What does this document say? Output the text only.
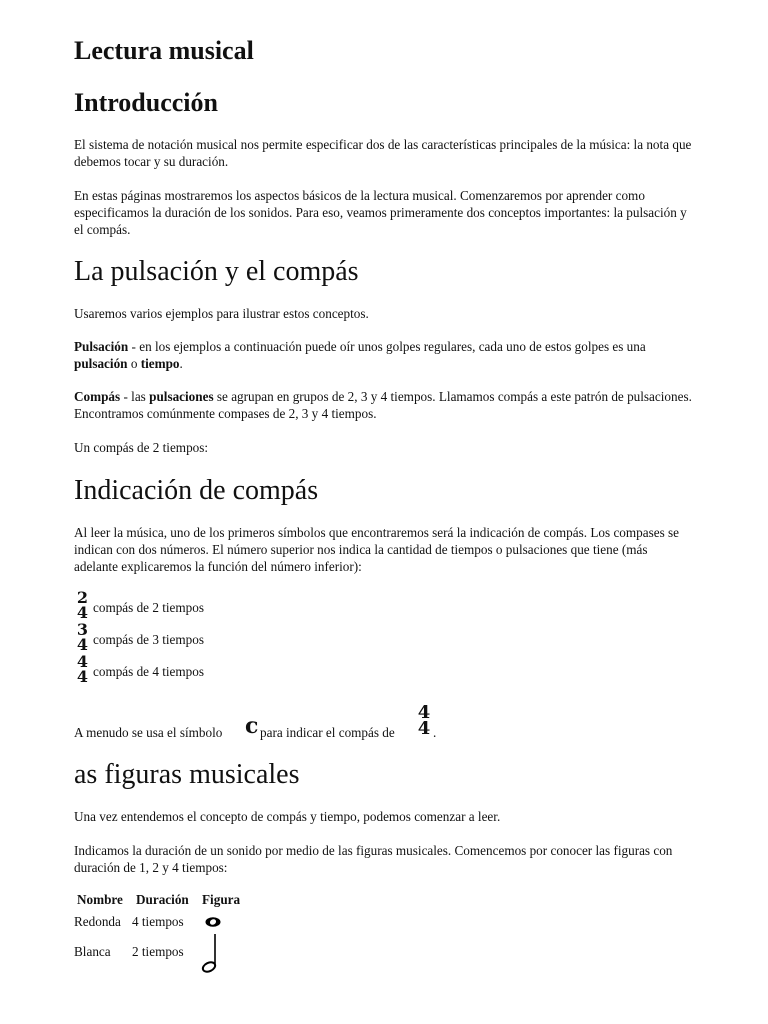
Lectura musical
Introducción

El sistema de notación musical nos permite especificar dos de las características principales de la música: la nota que debemos tocar y su duración.

En estas páginas mostraremos los aspectos básicos de la lectura musical. Comenzaremos por aprender como especificamos la duración de los sonidos. Para eso, veamos primeramente dos conceptos importantes: la pulsación y el compás.

La pulsación y el compás

Usaremos varios ejemplos para ilustrar estos conceptos.

Pulsación - en los ejemplos a continuación puede oír unos golpes regulares, cada uno de estos golpes es una pulsación o tiempo.

Compás - las pulsaciones se agrupan en grupos de 2, 3 y 4 tiempos. Llamamos compás a este patrón de pulsaciones. Encontramos comúnmente compases de 2, 3 y 4 tiempos.

Un compás de 2 tiempos:

Indicación de compás

Al leer la música, uno de los primeros símbolos que encontraremos será la indicación de compás. Los compases se indican con dos números. El número superior nos indica la cantidad de tiempos o pulsaciones que tiene (más adelante explicaremos la función del número inferior):

2
4 compás de 2 tiempos
3
4 compás de 3 tiempos
4
4 compás de 4 tiempos
A menudo se usa el símbolo c para indicar el compás de
4
4 .
as figuras musicales

Una vez entendemos el concepto de compás y tiempo, podemos comenzar a leer.

Indicamos la duración de un sonido por medio de las figuras musicales. Comencemos por conocer las figuras con duración de 1, 2 y 4 tiempos:

Nombre Duración Figura
Redonda 4 tiempos
Blanca 2 tiempos
